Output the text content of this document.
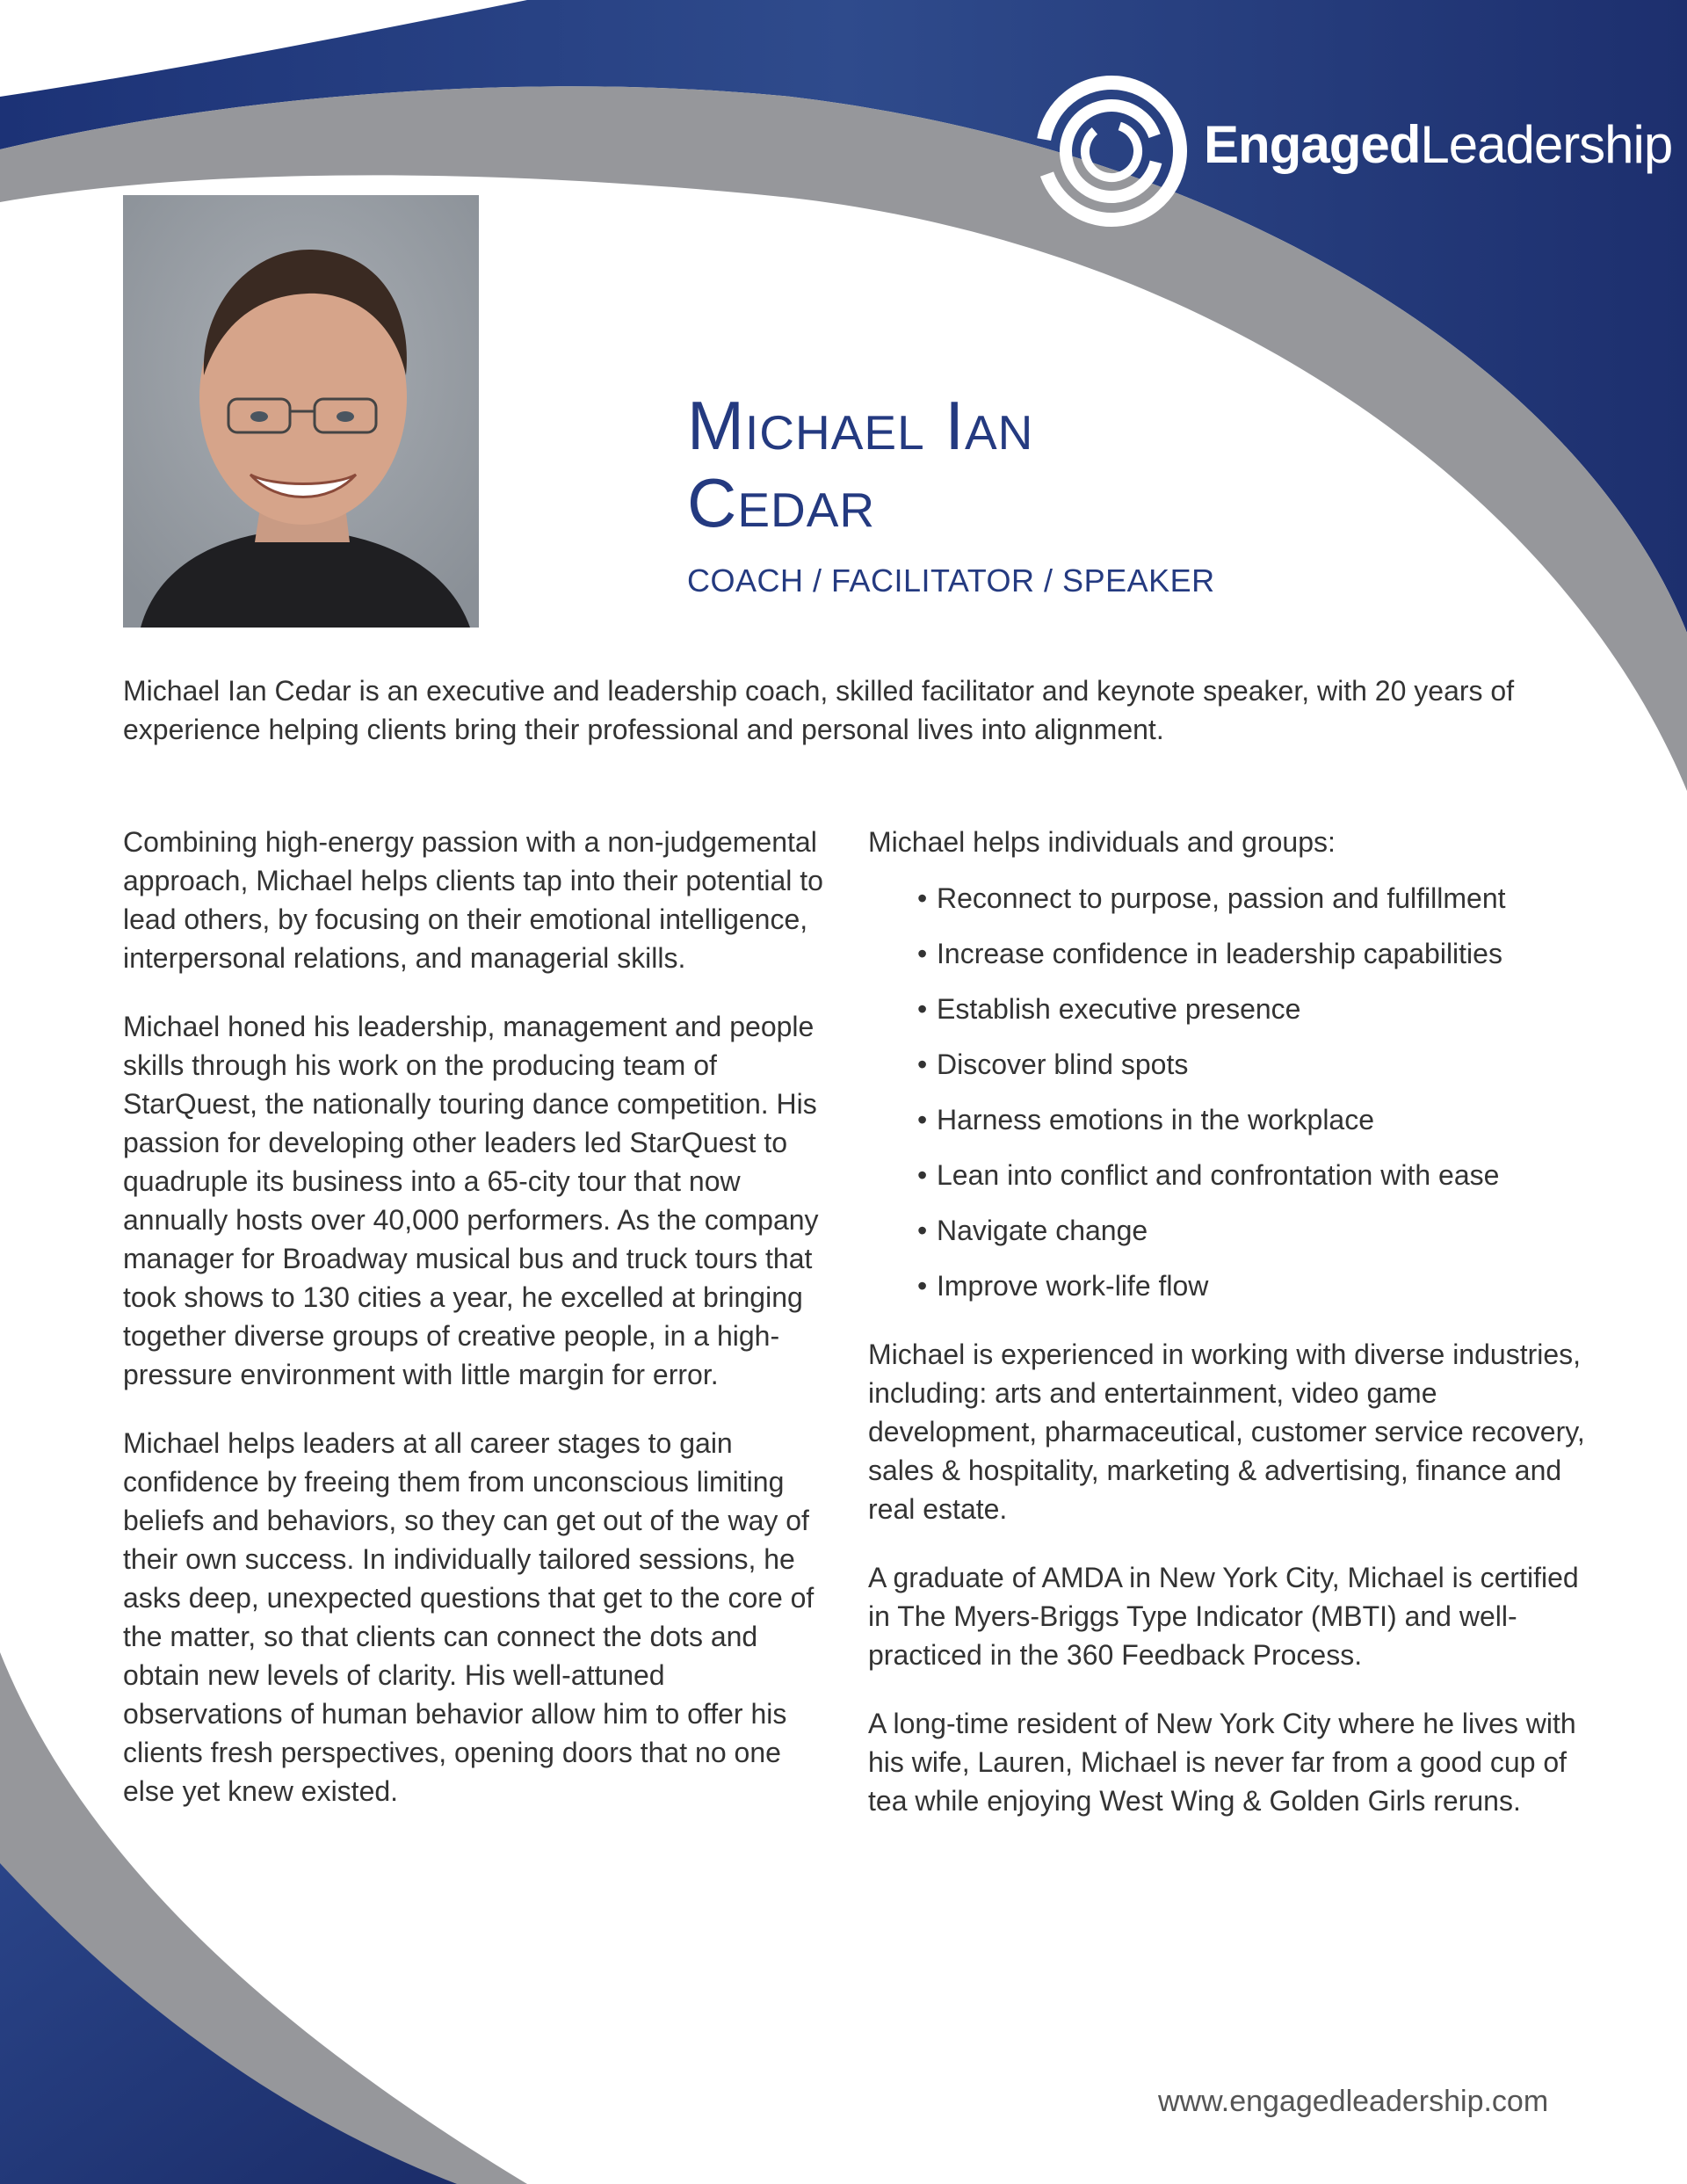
EngagedLeadership
Michael Ian
Cedar
COACH / FACILITATOR / SPEAKER

Michael Ian Cedar is an executive and leadership coach, skilled facilitator and keynote speaker, with 20 years of experience helping clients bring their professional and personal lives into alignment.

Combining high-energy passion with a non-judgemental approach, Michael helps clients tap into their potential to lead others, by focusing on their emotional intelligence, interpersonal relations, and managerial skills.

Michael honed his leadership, management and people skills through his work on the producing team of StarQuest, the nationally touring dance competition. His passion for developing other leaders led StarQuest to quadruple its business into a 65-city tour that now annually hosts over 40,000 performers. As the company manager for Broadway musical bus and truck tours that took shows to 130 cities a year, he excelled at bringing together diverse groups of creative people, in a high-pressure environment with little margin for error.

Michael helps leaders at all career stages to gain confidence by freeing them from unconscious limiting beliefs and behaviors, so they can get out of the way of their own success. In individually tailored sessions, he asks deep, unexpected questions that get to the core of the matter, so that clients can connect the dots and obtain new levels of clarity. His well-attuned observations of human behavior allow him to offer his clients fresh perspectives, opening doors that no one else yet knew existed.

Michael helps individuals and groups:

• Reconnect to purpose, passion and fulfillment
• Increase confidence in leadership capabilities
• Establish executive presence
• Discover blind spots
• Harness emotions in the workplace
• Lean into conflict and confrontation with ease
• Navigate change
• Improve work-life flow

Michael is experienced in working with diverse industries, including: arts and entertainment, video game development, pharmaceutical, customer service recovery, sales & hospitality, marketing & advertising, finance and real estate.

A graduate of AMDA in New York City, Michael is certified in The Myers-Briggs Type Indicator (MBTI) and well-practiced in the 360 Feedback Process.

A long-time resident of New York City where he lives with his wife, Lauren, Michael is never far from a good cup of tea while enjoying West Wing & Golden Girls reruns.

www.engagedleadership.com
